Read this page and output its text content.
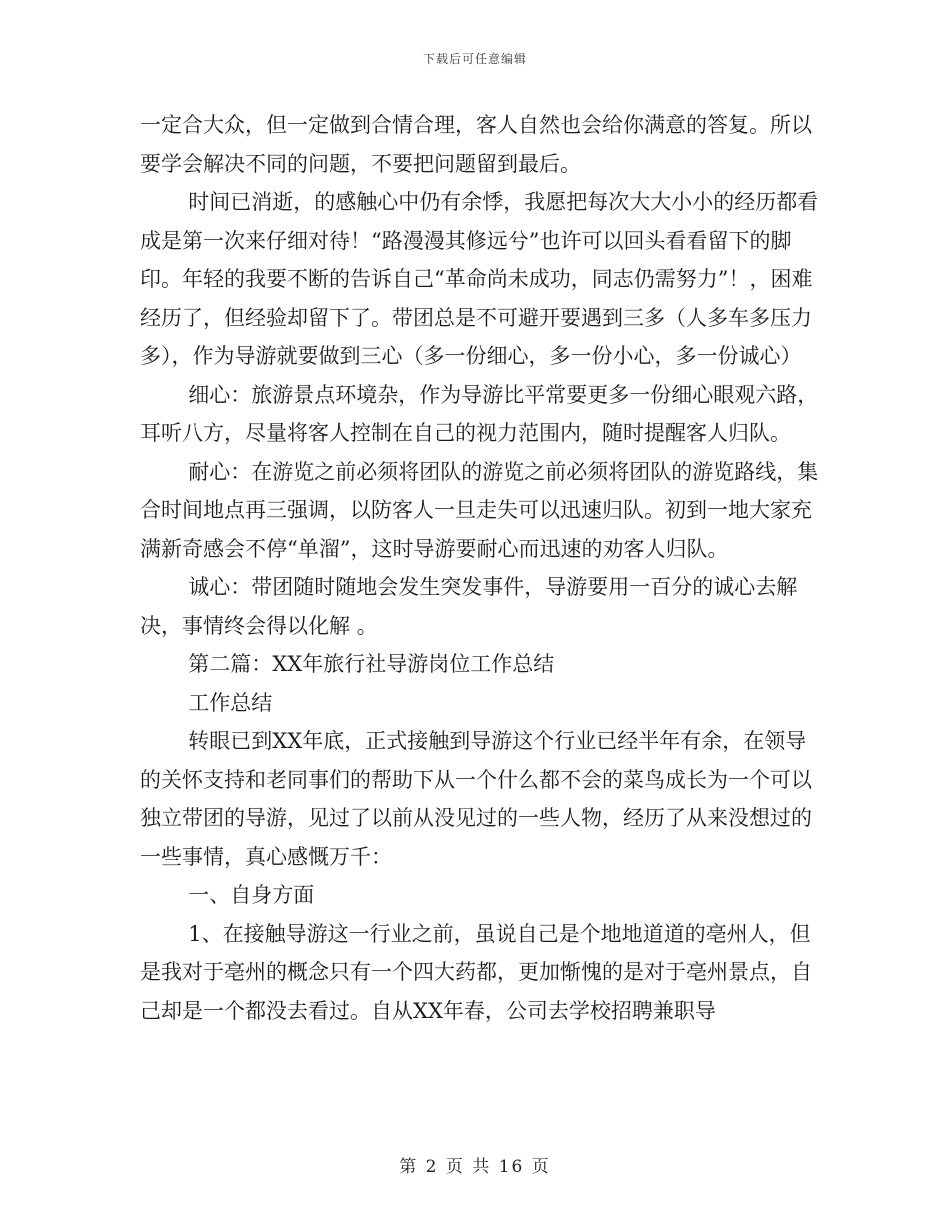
下载后可任意编辑

一定合大众，但一定做到合情合理，客人自然也会给你满意的答复。所以要学会解决不同的问题，不要把问题留到最后。

时间已消逝，的感触心中仍有余悸，我愿把每次大大小小的经历都看成是第一次来仔细对待！“路漫漫其修远兮”也许可以回头看看留下的脚印。年轻的我要不断的告诉自己“革命尚未成功，同志仍需努力”！，困难经历了，但经验却留下了。带团总是不可避开要遇到三多（人多车多压力多），作为导游就要做到三心（多一份细心，多一份小心，多一份诚心）

细心：旅游景点环境杂，作为导游比平常要更多一份细心眼观六路，耳听八方，尽量将客人控制在自己的视力范围内，随时提醒客人归队。

耐心：在游览之前必须将团队的游览之前必须将团队的游览路线，集合时间地点再三强调，以防客人一旦走失可以迅速归队。初到一地大家充满新奇感会不停“单溜”，这时导游要耐心而迅速的劝客人归队。

诚心：带团随时随地会发生突发事件，导游要用一百分的诚心去解决，事情终会得以化解 。

第二篇：XX年旅行社导游岗位工作总结

工作总结

转眼已到XX年底，正式接触到导游这个行业已经半年有余，在领导的关怀支持和老同事们的帮助下从一个什么都不会的菜鸟成长为一个可以独立带团的导游，见过了以前从没见过的一些人物，经历了从来没想过的一些事情，真心感慨万千：

一、自身方面

1、在接触导游这一行业之前，虽说自己是个地地道道的亳州人，但是我对于亳州的概念只有一个四大药都，更加惭愧的是对于亳州景点，自己却是一个都没去看过。自从XX年春，公司去学校招聘兼职导

第 2 页 共 16 页
